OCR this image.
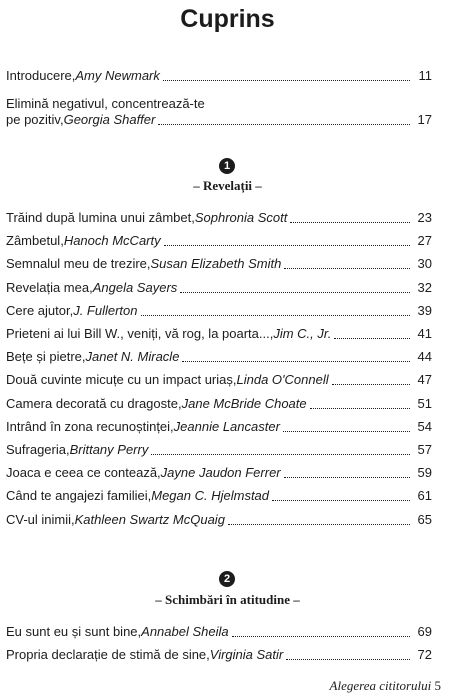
Cuprins
Introducere, Amy Newmark	11
Elimină negativul, concentrează-te
pe pozitiv, Georgia Shaffer	17
1
– Revelații –
Trăind după lumina unui zâmbet, Sophronia Scott	23
Zâmbetul, Hanoch McCarty	27
Semnalul meu de trezire, Susan Elizabeth Smith	30
Revelația mea, Angela Sayers	32
Cere ajutor, J. Fullerton	39
Prieteni ai lui Bill W., veniți, vă rog, la poarta..., Jim C., Jr.	41
Bețe și pietre, Janet N. Miracle	44
Două cuvinte micuțe cu un impact uriaș, Linda O'Connell	47
Camera decorată cu dragoste, Jane McBride Choate	51
Intrând în zona recunoștinței, Jeannie Lancaster	54
Sufrageria, Brittany Perry	57
Joaca e ceea ce contează, Jayne Jaudon Ferrer	59
Când te angajezi familiei, Megan C. Hjelmstad	61
CV-ul inimii, Kathleen Swartz McQuaig	65
2
– Schimbări în atitudine –
Eu sunt eu și sunt bine, Annabel Sheila	69
Propria declarație de stimă de sine, Virginia Satir	72
Alegerea cititorului 5
